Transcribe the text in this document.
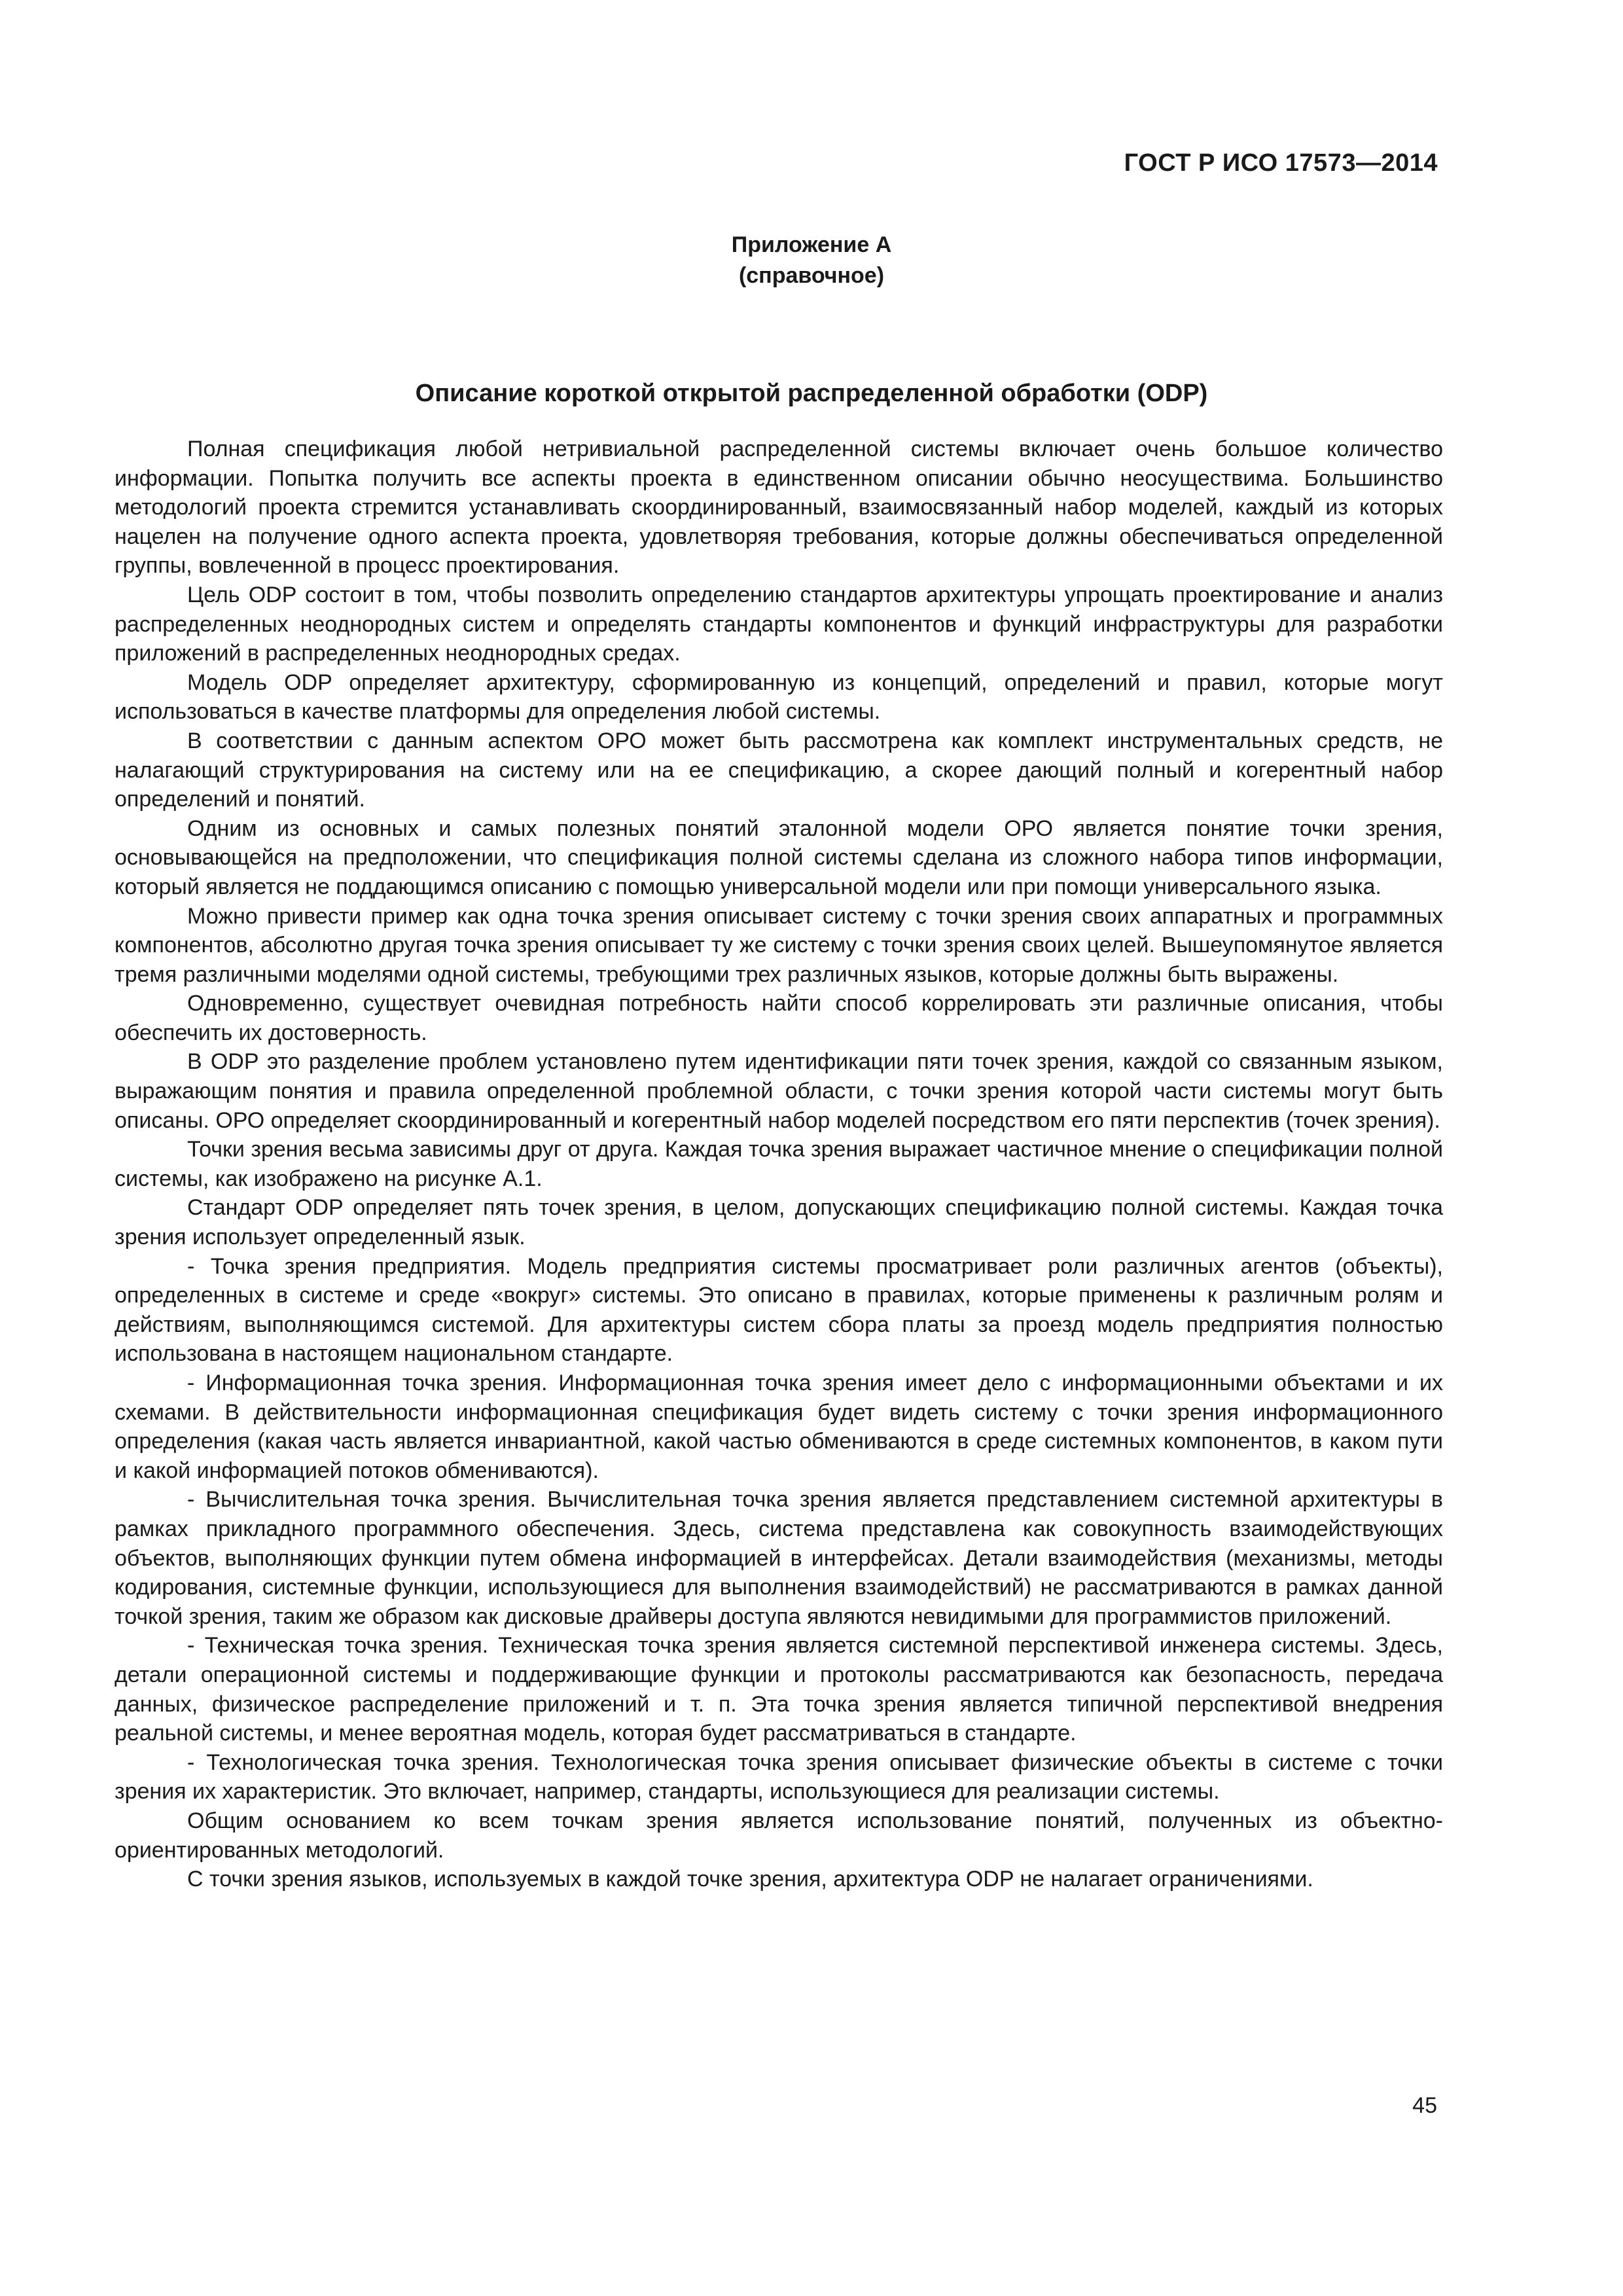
ГОСТ Р ИСО 17573—2014
Приложение А
(справочное)
Описание короткой открытой распределенной обработки (ODP)

Полная спецификация любой нетривиальной распределенной системы включает очень большое количество информации. Попытка получить все аспекты проекта в единственном описании обычно неосуществима. Большинство методологий проекта стремится устанавливать скоординированный, взаимосвязанный набор моделей, каждый из которых нацелен на получение одного аспекта проекта, удовлетворяя требования, которые должны обеспечиваться определенной группы, вовлеченной в процесс проектирования.

Цель ODP состоит в том, чтобы позволить определению стандартов архитектуры упрощать проектирование и анализ распределенных неоднородных систем и определять стандарты компонентов и функций инфраструктуры для разработки приложений в распределенных неоднородных средах.

Модель ODP определяет архитектуру, сформированную из концепций, определений и правил, которые могут использоваться в качестве платформы для определения любой системы.

В соответствии с данным аспектом ОРО может быть рассмотрена как комплект инструментальных средств, не налагающий структурирования на систему или на ее спецификацию, а скорее дающий полный и когерентный набор определений и понятий.

Одним из основных и самых полезных понятий эталонной модели ОРО является понятие точки зрения, основывающейся на предположении, что спецификация полной системы сделана из сложного набора типов информации, который является не поддающимся описанию с помощью универсальной модели или при помощи универсального языка.

Можно привести пример как одна точка зрения описывает систему с точки зрения своих аппаратных и программных компонентов, абсолютно другая точка зрения описывает ту же систему с точки зрения своих целей. Вышеупомянутое является тремя различными моделями одной системы, требующими трех различных языков, которые должны быть выражены.

Одновременно, существует очевидная потребность найти способ коррелировать эти различные описания, чтобы обеспечить их достоверность.

В ODP это разделение проблем установлено путем идентификации пяти точек зрения, каждой со связанным языком, выражающим понятия и правила определенной проблемной области, с точки зрения которой части системы могут быть описаны. ОРО определяет скоординированный и когерентный набор моделей посредством его пяти перспектив (точек зрения).

Точки зрения весьма зависимы друг от друга. Каждая точка зрения выражает частичное мнение о спецификации полной системы, как изображено на рисунке А.1.

Стандарт ODP определяет пять точек зрения, в целом, допускающих спецификацию полной системы. Каждая точка зрения использует определенный язык.

- Точка зрения предприятия. Модель предприятия системы просматривает роли различных агентов (объекты), определенных в системе и среде «вокруг» системы. Это описано в правилах, которые применены к различным ролям и действиям, выполняющимся системой. Для архитектуры систем сбора платы за проезд модель предприятия полностью использована в настоящем национальном стандарте.

- Информационная точка зрения. Информационная точка зрения имеет дело с информационными объектами и их схемами. В действительности информационная спецификация будет видеть систему с точки зрения информационного определения (какая часть является инвариантной, какой частью обмениваются в среде системных компонентов, в каком пути и какой информацией потоков обмениваются).

- Вычислительная точка зрения. Вычислительная точка зрения является представлением системной архитектуры в рамках прикладного программного обеспечения. Здесь, система представлена как совокупность взаимодействующих объектов, выполняющих функции путем обмена информацией в интерфейсах. Детали взаимодействия (механизмы, методы кодирования, системные функции, использующиеся для выполнения взаимодействий) не рассматриваются в рамках данной точкой зрения, таким же образом как дисковые драйверы доступа являются невидимыми для программистов приложений.

- Техническая точка зрения. Техническая точка зрения является системной перспективой инженера системы. Здесь, детали операционной системы и поддерживающие функции и протоколы рассматриваются как безопасность, передача данных, физическое распределение приложений и т. п. Эта точка зрения является типичной перспективой внедрения реальной системы, и менее вероятная модель, которая будет рассматриваться в стандарте.

- Технологическая точка зрения. Технологическая точка зрения описывает физические объекты в системе с точки зрения их характеристик. Это включает, например, стандарты, использующиеся для реализации системы.

Общим основанием ко всем точкам зрения является использование понятий, полученных из объектно-ориентированных методологий.

С точки зрения языков, используемых в каждой точке зрения, архитектура ODP не налагает ограничениями.

45
